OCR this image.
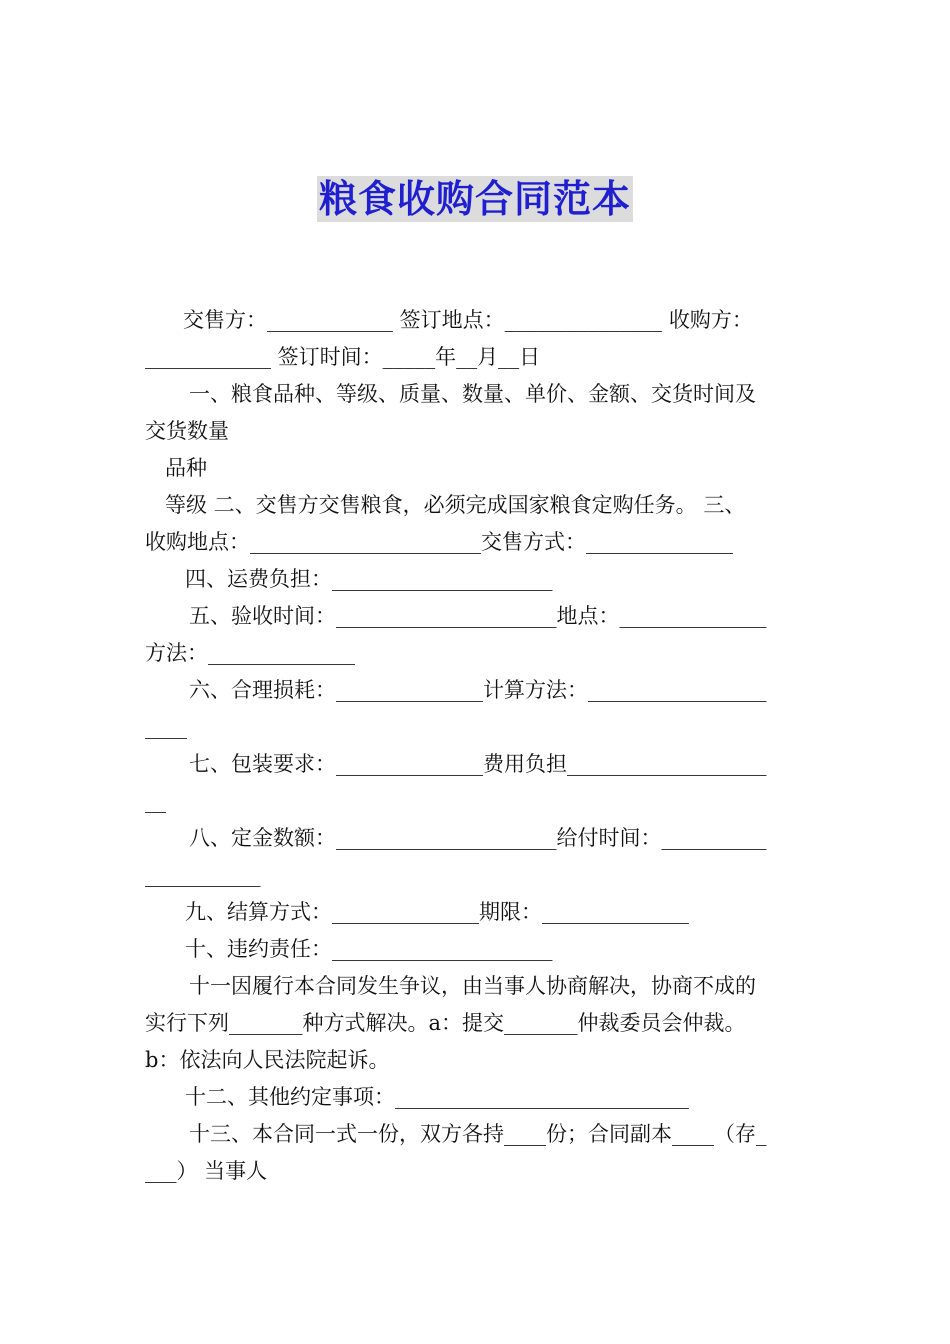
粮食收购合同范本
交售方：____________ 签订地点：_______________ 收购方：
____________ 签订时间：_____年__月__日
一、粮食品种、等级、质量、数量、单价、金额、交货时间及
交货数量
品种
等级 二、交售方交售粮食，必须完成国家粮食定购任务。 三、
收购地点：______________________交售方式：______________
四、运费负担：_____________________
五、验收时间：_____________________地点：______________
方法：______________
六、合理损耗：______________计算方法：_________________
____
七、包装要求：______________费用负担___________________
__
八、定金数额：_____________________给付时间：__________
___________
九、结算方式：______________期限：______________
十、违约责任：_____________________
十一因履行本合同发生争议，由当事人协商解决，协商不成的
实行下列_______种方式解决。a：提交_______仲裁委员会仲裁。
b：依法向人民法院起诉。
十二、其他约定事项：____________________________
十三、本合同一式一份，双方各持____份；合同副本____（存_
___） 当事人
